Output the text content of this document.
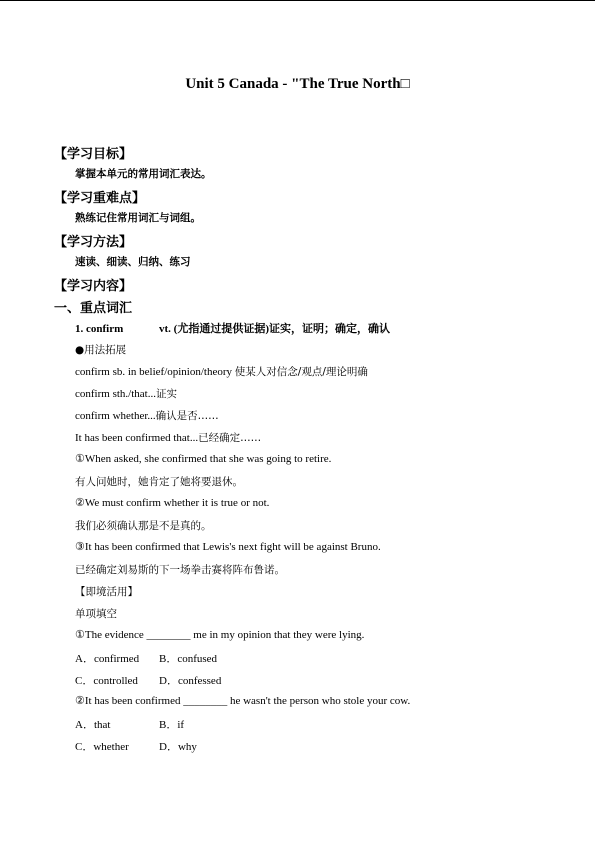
Unit 5 Canada - "The True North□
【学习目标】
掌握本单元的常用词汇表达。
【学习重难点】
熟练记住常用词汇与词组。
【学习方法】
速读、细读、归纳、练习
【学习内容】
一、重点词汇
1. confirm	vt. (尤指通过提供证据)证实，证明；确定，确认
●用法拓展
confirm sb. in belief/opinion/theory 使某人对信念/观点/理论明确
confirm sth./that...证实
confirm whether...确认是否……
It has been confirmed that...已经确定……
①When asked, she confirmed that she was going to retire.
有人问她时，她肯定了她将要退休。
②We must confirm whether it is true or not.
我们必须确认那是不是真的。
③It has been confirmed that Lewis's next fight will be against Bruno.
已经确定刘易斯的下一场拳击赛将阵布鲁诺。
【即境活用】
单项填空
①The evidence ________ me in my opinion that they were lying.
A．confirmed B．confused
C．controlled D．confessed
②It has been confirmed ________ he wasn't the person who stole your cow.
A．that	B．if
C．whether	D．why
